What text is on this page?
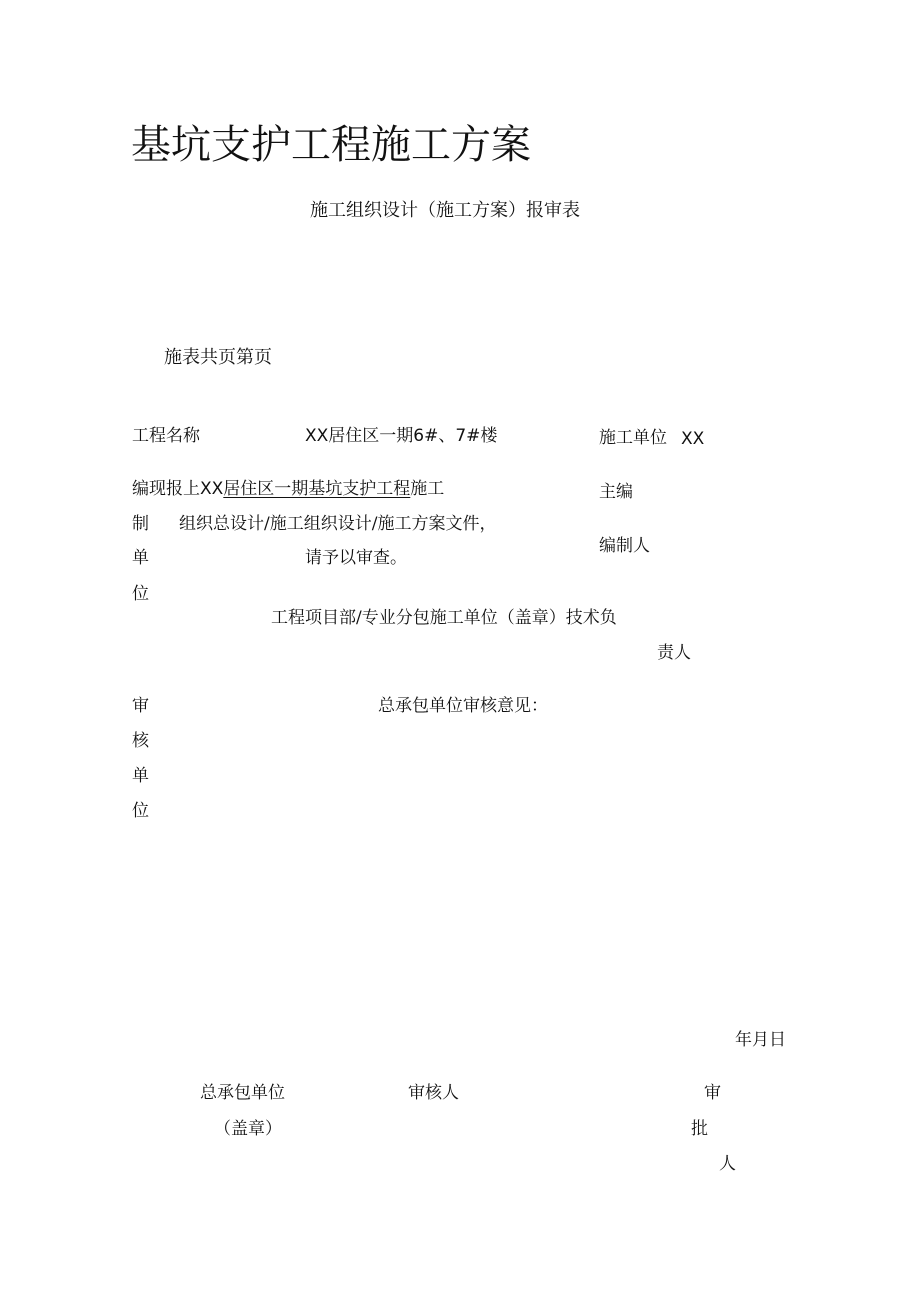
基坑支护工程施工方案
施工组织设计（施工方案）报审表
施表共页第页
工程名称	XX居住区一期6#、7#楼	施工单位 XX
编现报上XX居住区一期基坑支护工程施工	主编
制 组织总设计/施工组织设计/施工方案文件，
编制人
单	请予以审查。
位
工程项目部/专业分包施工单位（盖章）技术负
责人
审	总承包单位审核意见：
核
单
位
年月日
总承包单位	审核人	审
（盖章）	批
人
